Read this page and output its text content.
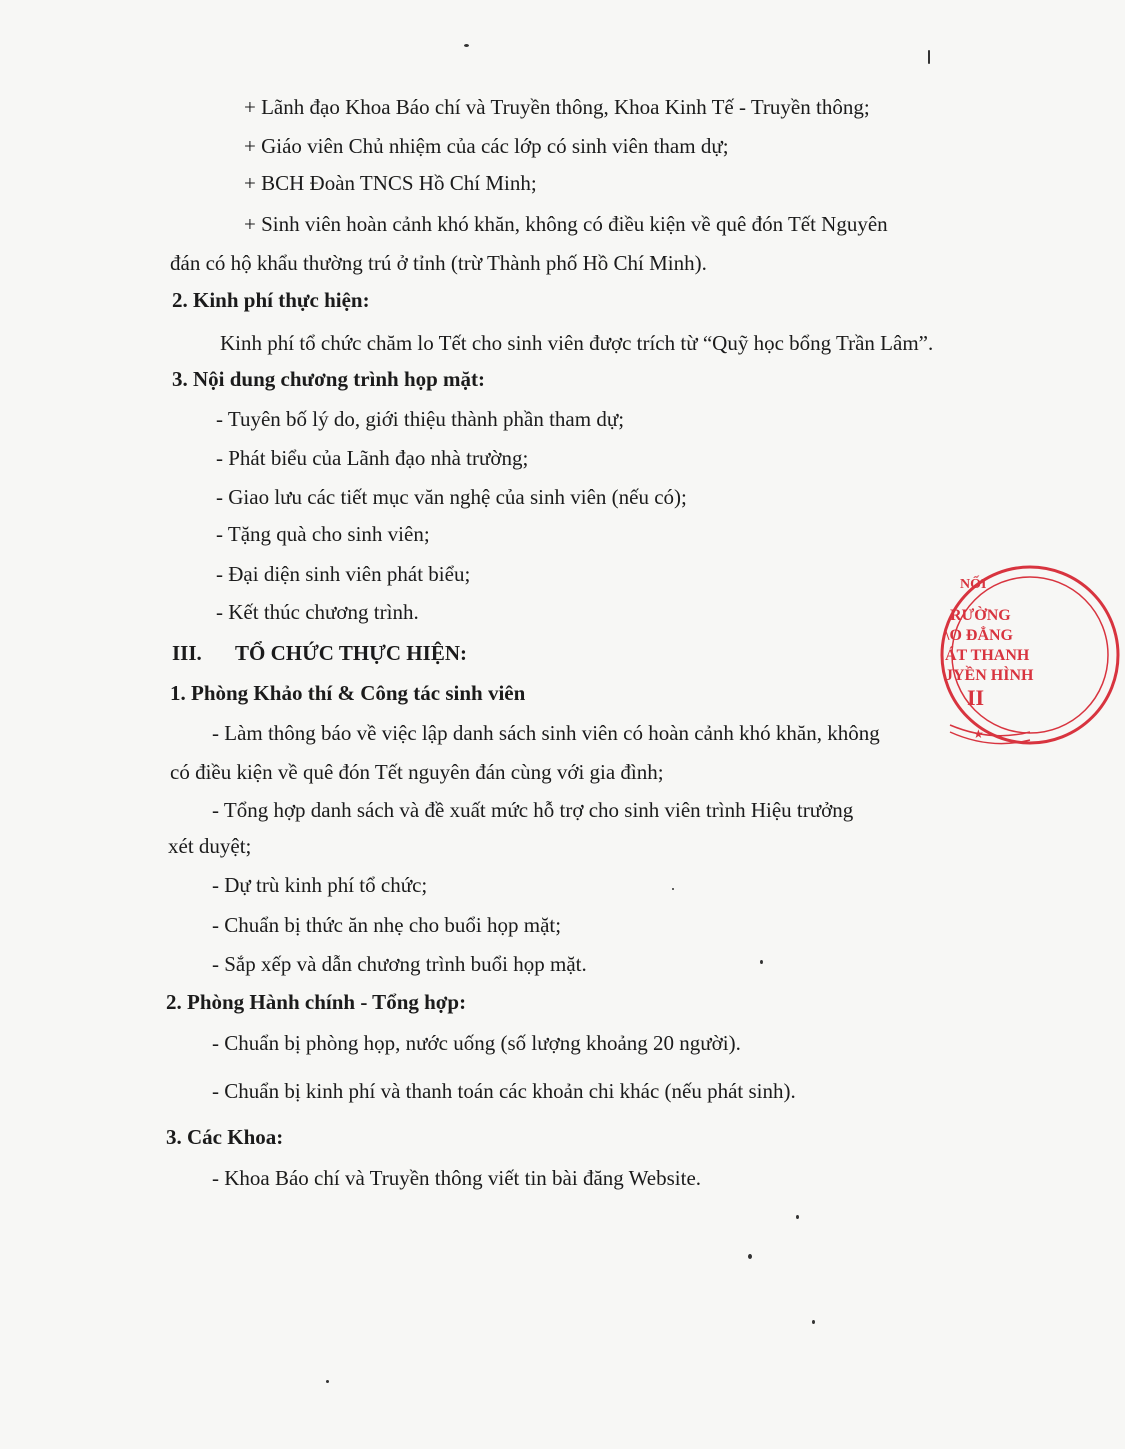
+ Lãnh đạo Khoa Báo chí và Truyền thông, Khoa Kinh Tế - Truyền thông;
+ Giáo viên Chủ nhiệm của các lớp có sinh viên tham dự;
+ BCH Đoàn TNCS Hồ Chí Minh;
+ Sinh viên hoàn cảnh khó khăn, không có điều kiện về quê đón Tết Nguyên
đán có hộ khẩu thường trú ở tỉnh (trừ Thành phố Hồ Chí Minh).
2. Kinh phí thực hiện:
Kinh phí tổ chức chăm lo Tết cho sinh viên được trích từ “Quỹ học bổng Trần Lâm”.
3. Nội dung chương trình họp mặt:
- Tuyên bố lý do, giới thiệu thành phần tham dự;
- Phát biểu của Lãnh đạo nhà trường;
- Giao lưu các tiết mục văn nghệ của sinh viên (nếu có);
- Tặng quà cho sinh viên;
- Đại diện sinh viên phát biểu;
- Kết thúc chương trình.
III. TỔ CHỨC THỰC HIỆN:
1. Phòng Khảo thí & Công tác sinh viên
- Làm thông báo về việc lập danh sách sinh viên có hoàn cảnh khó khăn, không
có điều kiện về quê đón Tết nguyên đán cùng với gia đình;
- Tổng hợp danh sách và đề xuất mức hỗ trợ cho sinh viên trình Hiệu trưởng
xét duyệt;
- Dự trù kinh phí tổ chức;
- Chuẩn bị thức ăn nhẹ cho buổi họp mặt;
- Sắp xếp và dẫn chương trình buổi họp mặt.
2. Phòng Hành chính - Tổng hợp:
- Chuẩn bị phòng họp, nước uống (số lượng khoảng 20 người).
- Chuẩn bị kinh phí và thanh toán các khoản chi khác (nếu phát sinh).
3. Các Khoa:
- Khoa Báo chí và Truyền thông viết tin bài đăng Website.
NỐI
RƯỜNG
\O ĐẲNG
ÁT THANH
JYỀN HÌNH
II
★
